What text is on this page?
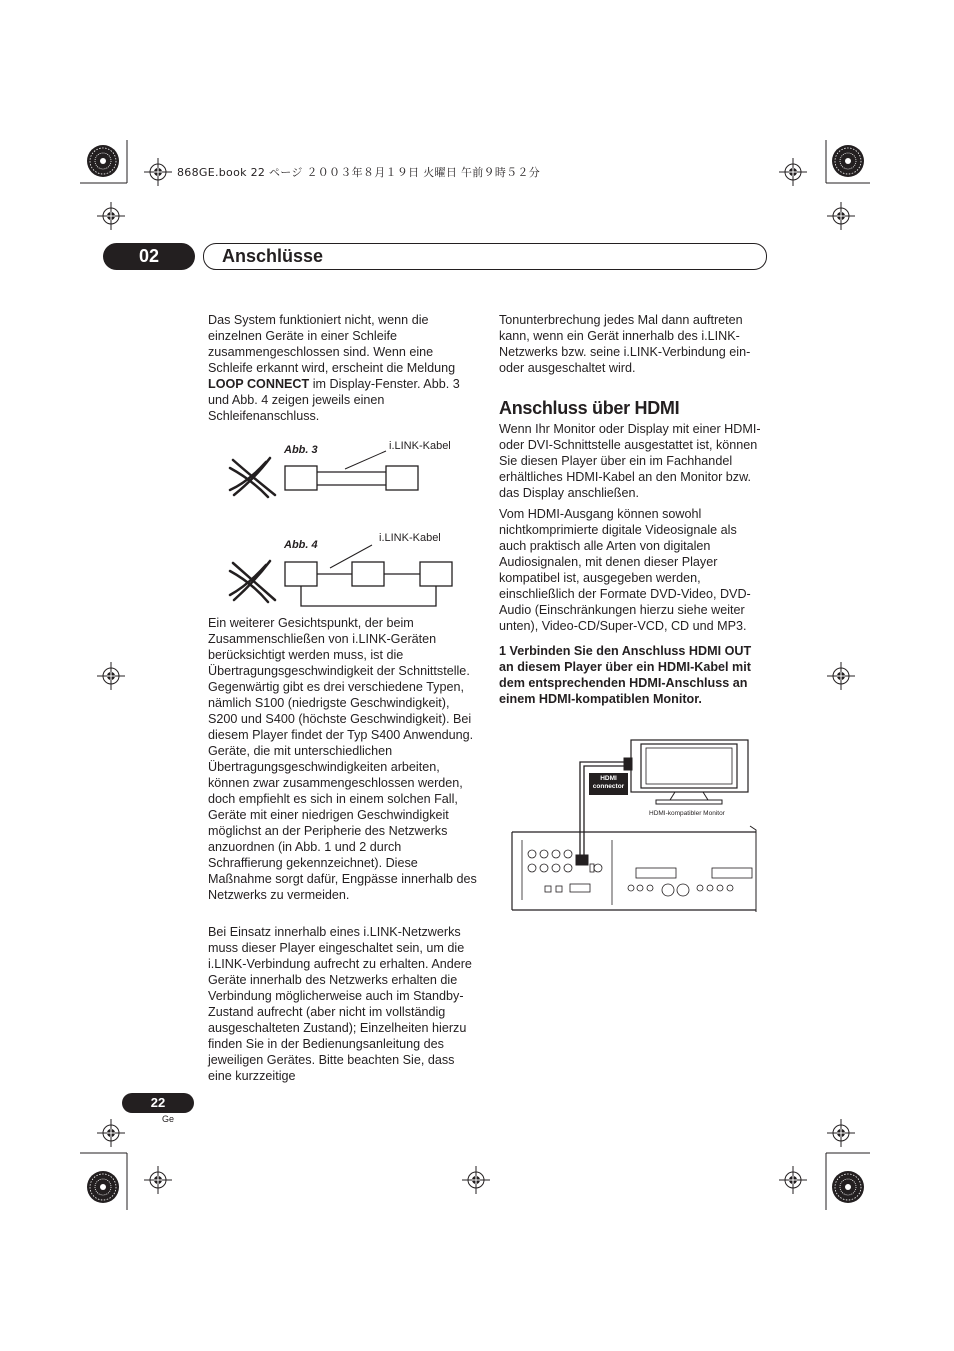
868GE.book 22 ページ ２００３年８月１９日 火曜日 午前９時５２分
02	Anschlüsse

Das System funktioniert nicht, wenn die einzelnen Geräte in einer Schleife zusammengeschlossen sind. Wenn eine Schleife erkannt wird, erscheint die Meldung LOOP CONNECT im Display-Fenster. Abb. 3 und Abb. 4 zeigen jeweils einen Schleifenanschluss.

Abb. 3	i.LINK-Kabel
Abb. 4
i.LINK-Kabel

Ein weiterer Gesichtspunkt, der beim Zusammenschließen von i.LINK-Geräten berücksichtigt werden muss, ist die Übertragungsgeschwindigkeit der Schnittstelle. Gegenwärtig gibt es drei verschiedene Typen, nämlich S100 (niedrigste Geschwindigkeit), S200 und S400 (höchste Geschwindigkeit). Bei diesem Player findet der Typ S400 Anwendung. Geräte, die mit unterschiedlichen Übertragungsgeschwindigkeiten arbeiten, können zwar zusammengeschlossen werden, doch empfiehlt es sich in einem solchen Fall, Geräte mit einer niedrigen Geschwindigkeit möglichst an der Peripherie des Netzwerks anzuordnen (in Abb. 1 und 2 durch Schraffierung gekennzeichnet). Diese Maßnahme sorgt dafür, Engpässe innerhalb des Netzwerks zu vermeiden.

Bei Einsatz innerhalb eines i.LINK-Netzwerks muss dieser Player eingeschaltet sein, um die i.LINK-Verbindung aufrecht zu erhalten. Andere Geräte innerhalb des Netzwerks erhalten die Verbindung möglicherweise auch im Standby-Zustand aufrecht (aber nicht im vollständig ausgeschalteten Zustand); Einzelheiten hierzu finden Sie in der Bedienungsanleitung des jeweiligen Gerätes. Bitte beachten Sie, dass eine kurzzeitige

Tonunterbrechung jedes Mal dann auftreten kann, wenn ein Gerät innerhalb des i.LINK-Netzwerks bzw. seine i.LINK-Verbindung ein- oder ausgeschaltet wird.

Anschluss über HDMI

Wenn Ihr Monitor oder Display mit einer HDMI- oder DVI-Schnittstelle ausgestattet ist, können Sie diesen Player über ein im Fachhandel erhältliches HDMI-Kabel an den Monitor bzw. das Display anschließen.

Vom HDMI-Ausgang können sowohl nichtkomprimierte digitale Videosignale als auch praktisch alle Arten von digitalen Audiosignalen, mit denen dieser Player kompatibel ist, ausgegeben werden, einschließlich der Formate DVD-Video, DVD-Audio (Einschränkungen hierzu siehe weiter unten), Video-CD/Super-VCD, CD und MP3.

1 Verbinden Sie den Anschluss HDMI OUT an diesem Player über ein HDMI-Kabel mit dem entsprechenden HDMI-Anschluss an einem HDMI-kompatiblen Monitor.

HDMI
connector
HDMI-kompatibler Monitor
22
Ge
